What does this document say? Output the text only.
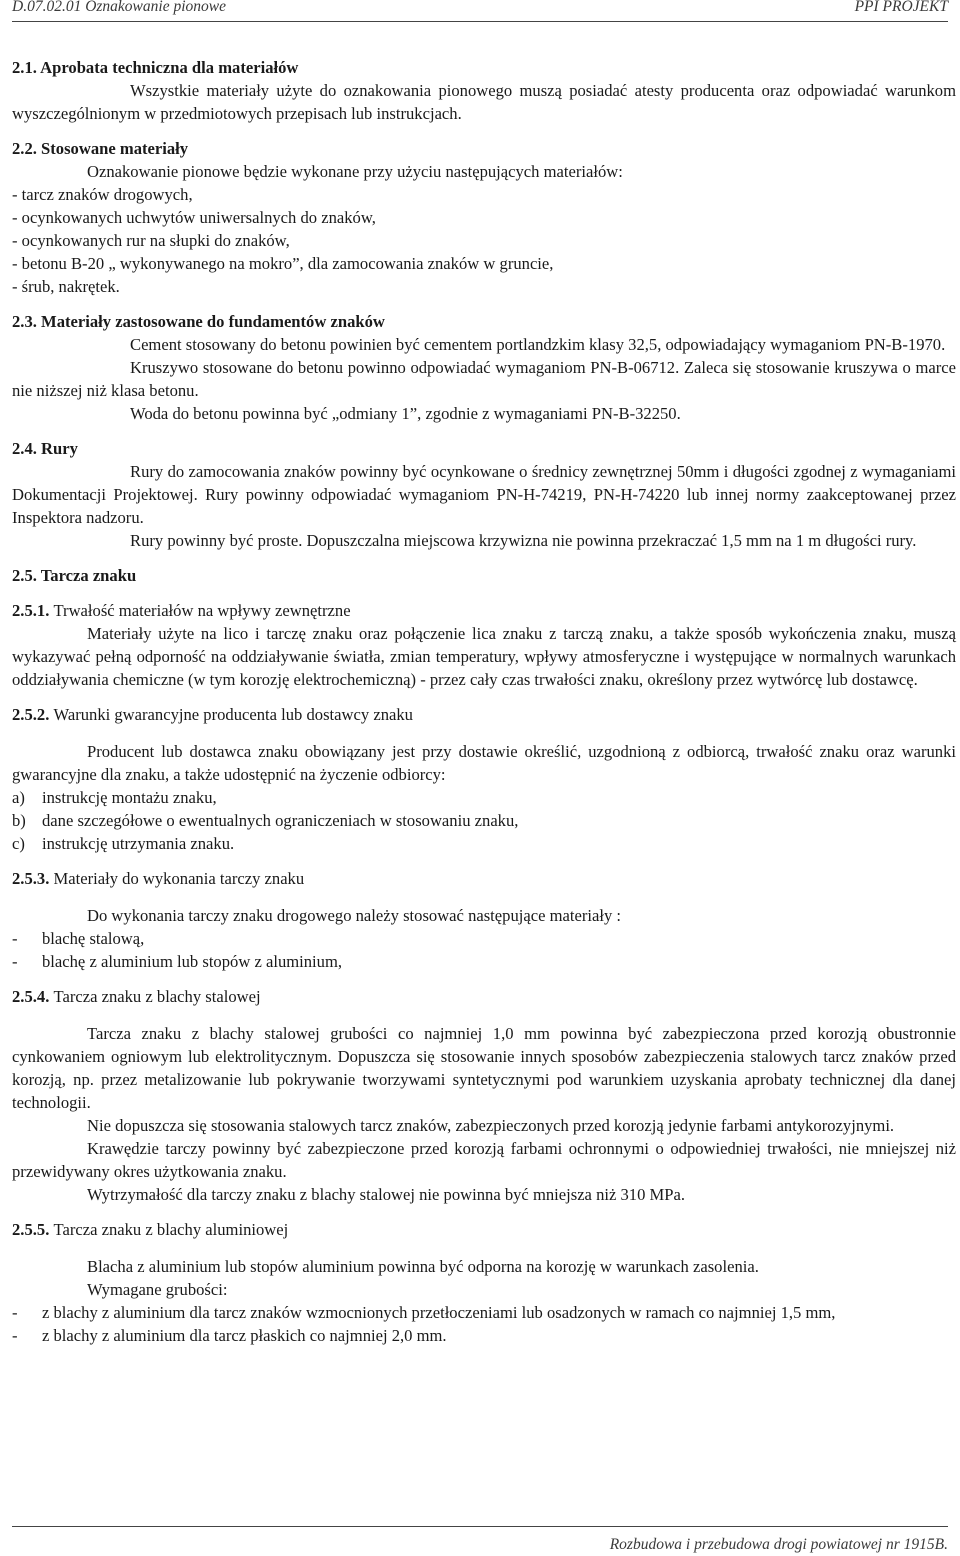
D.07.02.01 Oznakowanie pionowe	PPI PROJEKT

2.1. Aprobata techniczna dla materiałów

Wszystkie materiały użyte do oznakowania pionowego muszą posiadać atesty producenta oraz odpowiadać warunkom wyszczególnionym w przedmiotowych przepisach lub instrukcjach.

2.2. Stosowane materiały

Oznakowanie pionowe będzie wykonane przy użyciu następujących materiałów:

- tarcz znaków drogowych,

- ocynkowanych uchwytów uniwersalnych do znaków,

- ocynkowanych rur na słupki do znaków,

- betonu B-20 „ wykonywanego na mokro”, dla zamocowania znaków w gruncie,

- śrub, nakrętek.

2.3. Materiały zastosowane do fundamentów znaków

Cement stosowany do betonu powinien być cementem portlandzkim klasy 32,5, odpowiadający wymaganiom PN-B-1970.

Kruszywo stosowane do betonu powinno odpowiadać wymaganiom PN-B-06712. Zaleca się stosowanie kruszywa o marce nie niższej niż klasa betonu.

Woda do betonu powinna być „odmiany 1”, zgodnie z wymaganiami PN-B-32250.

2.4. Rury

Rury do zamocowania znaków powinny być ocynkowane o średnicy zewnętrznej 50mm i długości zgodnej z wymaganiami Dokumentacji Projektowej. Rury powinny odpowiadać wymaganiom PN-H-74219, PN-H-74220 lub innej normy zaakceptowanej przez Inspektora nadzoru.

Rury powinny być proste. Dopuszczalna miejscowa krzywizna nie powinna przekraczać 1,5 mm na 1 m długości rury.

2.5. Tarcza znaku

2.5.1. Trwałość materiałów na wpływy zewnętrzne

Materiały użyte na lico i tarczę znaku oraz połączenie lica znaku z tarczą znaku, a także sposób wykończenia znaku, muszą wykazywać pełną odporność na oddziaływanie światła, zmian temperatury, wpływy atmosferyczne i występujące w normalnych warunkach oddziaływania chemiczne (w tym korozję elektrochemiczną) - przez cały czas trwałości znaku, określony przez wytwórcę lub dostawcę.

2.5.2. Warunki gwarancyjne producenta lub dostawcy znaku

Producent lub dostawca znaku obowiązany jest przy dostawie określić, uzgodnioną z odbiorcą, trwałość znaku oraz warunki gwarancyjne dla znaku, a także udostępnić na życzenie odbiorcy:

a)	instrukcję montażu znaku,
b) dane szczegółowe o ewentualnych ograniczeniach w stosowaniu znaku,
c)	instrukcję utrzymania znaku.

2.5.3. Materiały do wykonania tarczy znaku

Do wykonania tarczy znaku drogowego należy stosować następujące materiały :

-	blachę stalową,
-	blachę z aluminium lub stopów z aluminium,

2.5.4. Tarcza znaku z blachy stalowej

Tarcza znaku z blachy stalowej grubości co najmniej 1,0 mm powinna być zabezpieczona przed korozją obustronnie cynkowaniem ogniowym lub elektrolitycznym. Dopuszcza się stosowanie innych sposobów zabezpieczenia stalowych tarcz znaków przed korozją, np. przez metalizowanie lub pokrywanie tworzywami syntetycznymi pod warunkiem uzyskania aprobaty technicznej dla danej technologii.

Nie dopuszcza się stosowania stalowych tarcz znaków, zabezpieczonych przed korozją jedynie farbami antykorozyjnymi.

Krawędzie tarczy powinny być zabezpieczone przed korozją farbami ochronnymi o odpowiedniej trwałości, nie mniejszej niż przewidywany okres użytkowania znaku.

Wytrzymałość dla tarczy znaku z blachy stalowej nie powinna być mniejsza niż 310 MPa.

2.5.5. Tarcza znaku z blachy aluminiowej

Blacha z aluminium lub stopów aluminium powinna być odporna na korozję w warunkach zasolenia.

Wymagane grubości:

-	z blachy z aluminium dla tarcz znaków wzmocnionych przetłoczeniami lub osadzonych w ramach co najmniej 1,5 mm,
-	z blachy z aluminium dla tarcz płaskich co najmniej 2,0 mm.
Rozbudowa i przebudowa drogi powiatowej nr 1915B.
